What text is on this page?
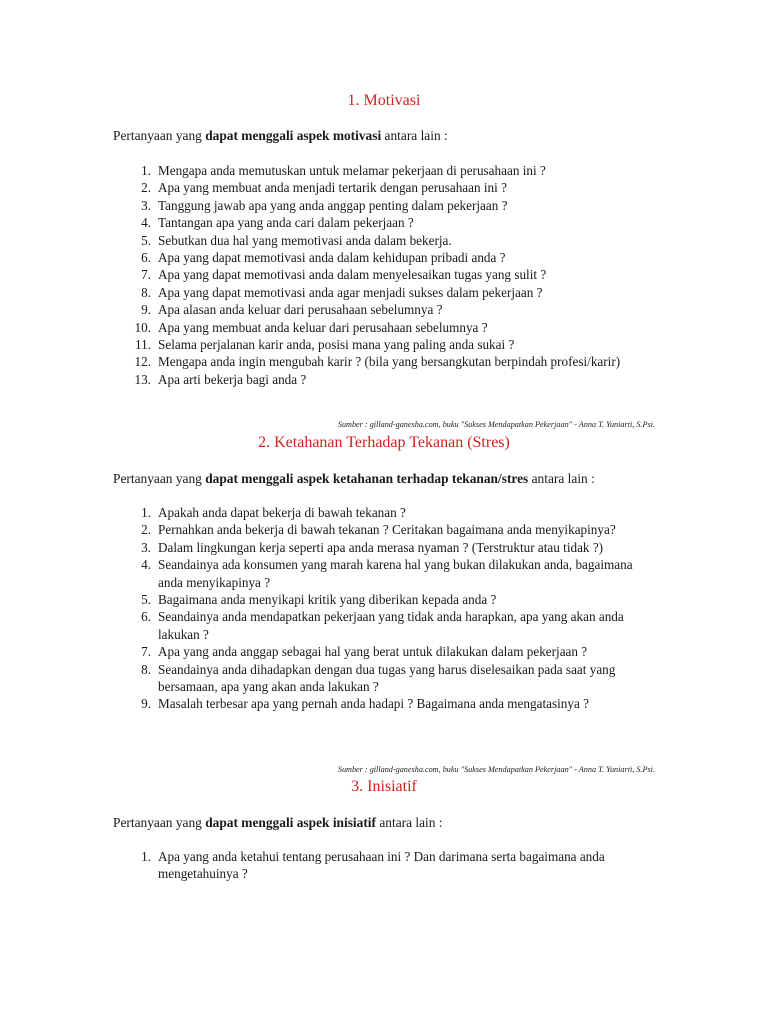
1. Motivasi

Pertanyaan yang dapat menggali aspek motivasi antara lain :

1. Mengapa anda memutuskan untuk melamar pekerjaan di perusahaan ini ?
2. Apa yang membuat anda menjadi tertarik dengan perusahaan ini ?
3. Tanggung jawab apa yang anda anggap penting dalam pekerjaan ?
4. Tantangan apa yang anda cari dalam pekerjaan ?
5. Sebutkan dua hal yang memotivasi anda dalam bekerja.
6. Apa yang dapat memotivasi anda dalam kehidupan pribadi anda ?
7. Apa yang dapat memotivasi anda dalam menyelesaikan tugas yang sulit ?
8. Apa yang dapat memotivasi anda agar menjadi sukses dalam pekerjaan ?
9. Apa alasan anda keluar dari perusahaan sebelumnya ?
10. Apa yang membuat anda keluar dari perusahaan sebelumnya ?
11. Selama perjalanan karir anda, posisi mana yang paling anda sukai ?
12. Mengapa anda ingin mengubah karir ? (bila yang bersangkutan berpindah profesi/karir)
13. Apa arti bekerja bagi anda ?

Sumber : gilland-ganesha.com, buku "Sukses Mendapatkan Pekerjaan" - Anna T. Yuniarti, S.Psi.

2. Ketahanan Terhadap Tekanan (Stres)

Pertanyaan yang dapat menggali aspek ketahanan terhadap tekanan/stres antara lain :

1. Apakah anda dapat bekerja di bawah tekanan ?
2. Pernahkan anda bekerja di bawah tekanan ? Ceritakan bagaimana anda menyikapinya?
3. Dalam lingkungan kerja seperti apa anda merasa nyaman ? (Terstruktur atau tidak ?)
4. Seandainya ada konsumen yang marah karena hal yang bukan dilakukan anda, bagaimana anda menyikapinya ?
5. Bagaimana anda menyikapi kritik yang diberikan kepada anda ?
6. Seandainya anda mendapatkan pekerjaan yang tidak anda harapkan, apa yang akan anda lakukan ?
7. Apa yang anda anggap sebagai hal yang berat untuk dilakukan dalam pekerjaan ?
8. Seandainya anda dihadapkan dengan dua tugas yang harus diselesaikan pada saat yang bersamaan, apa yang akan anda lakukan ?
9. Masalah terbesar apa yang pernah anda hadapi ? Bagaimana anda mengatasinya ?

Sumber : gilland-ganesha.com, buku "Sukses Mendapatkan Pekerjaan" - Anna T. Yuniarti, S.Psi.

3. Inisiatif

Pertanyaan yang dapat menggali aspek inisiatif antara lain :

1. Apa yang anda ketahui tentang perusahaan ini ? Dan darimana serta bagaimana anda mengetahuinya ?
